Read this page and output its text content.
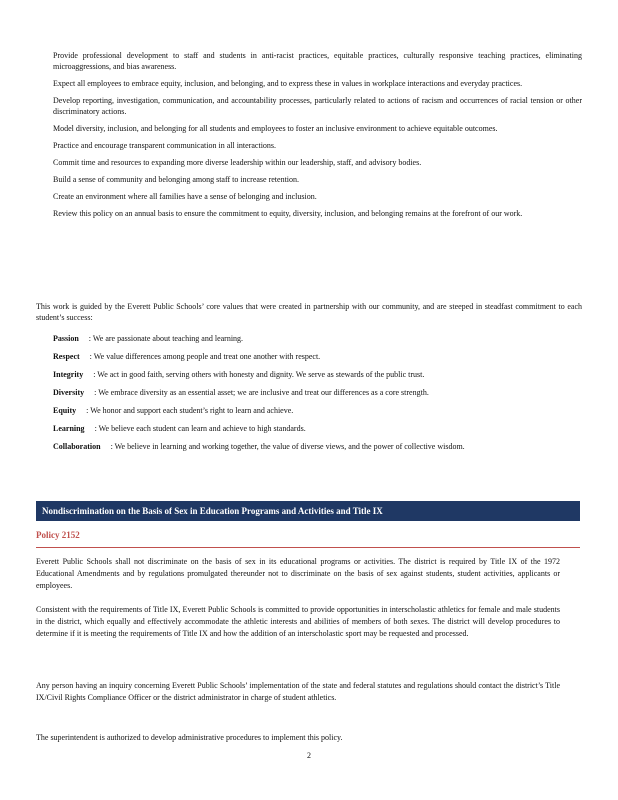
Provide professional development to staff and students in anti-racist practices, equitable practices, culturally responsive teaching practices, eliminating microaggressions, and bias awareness.
Expect all employees to embrace equity, inclusion, and belonging, and to express these in values in workplace interactions and everyday practices.
Develop reporting, investigation, communication, and accountability processes, particularly related to actions of racism and occurrences of racial tension or other discriminatory actions.
Model diversity, inclusion, and belonging for all students and employees to foster an inclusive environment to achieve equitable outcomes.
Practice and encourage transparent communication in all interactions.
Commit time and resources to expanding more diverse leadership within our leadership, staff, and advisory bodies.
Build a sense of community and belonging among staff to increase retention.
Create an environment where all families have a sense of belonging and inclusion.
Review this policy on an annual basis to ensure the commitment to equity, diversity, inclusion, and belonging remains at the forefront of our work.
This work is guided by the Everett Public Schools’ core values that were created in partnership with our community, and are steeped in steadfast commitment to each student’s success:
Passion : We are passionate about teaching and learning.
Respect : We value differences among people and treat one another with respect.
Integrity : We act in good faith, serving others with honesty and dignity. We serve as stewards of the public trust.
Diversity : We embrace diversity as an essential asset; we are inclusive and treat our differences as a core strength.
Equity : We honor and support each student’s right to learn and achieve.
Learning : We believe each student can learn and achieve to high standards.
Collaboration : We believe in learning and working together, the value of diverse views, and the power of collective wisdom.
Nondiscrimination on the Basis of Sex in Education Programs and Activities and Title IX
Policy 2152
Everett Public Schools shall not discriminate on the basis of sex in its educational programs or activities. The district is required by Title IX of the 1972 Educational Amendments and by regulations promulgated thereunder not to discriminate on the basis of sex against students, student activities, applicants or employees.
Consistent with the requirements of Title IX, Everett Public Schools is committed to provide opportunities in interscholastic athletics for female and male students in the district, which equally and effectively accommodate the athletic interests and abilities of members of both sexes. The district will develop procedures to determine if it is meeting the requirements of Title IX and how the addition of an interscholastic sport may be requested and processed.
Any person having an inquiry concerning Everett Public Schools’ implementation of the state and federal statutes and regulations should contact the district’s Title IX/Civil Rights Compliance Officer or the district administrator in charge of student athletics.
The superintendent is authorized to develop administrative procedures to implement this policy.
2
